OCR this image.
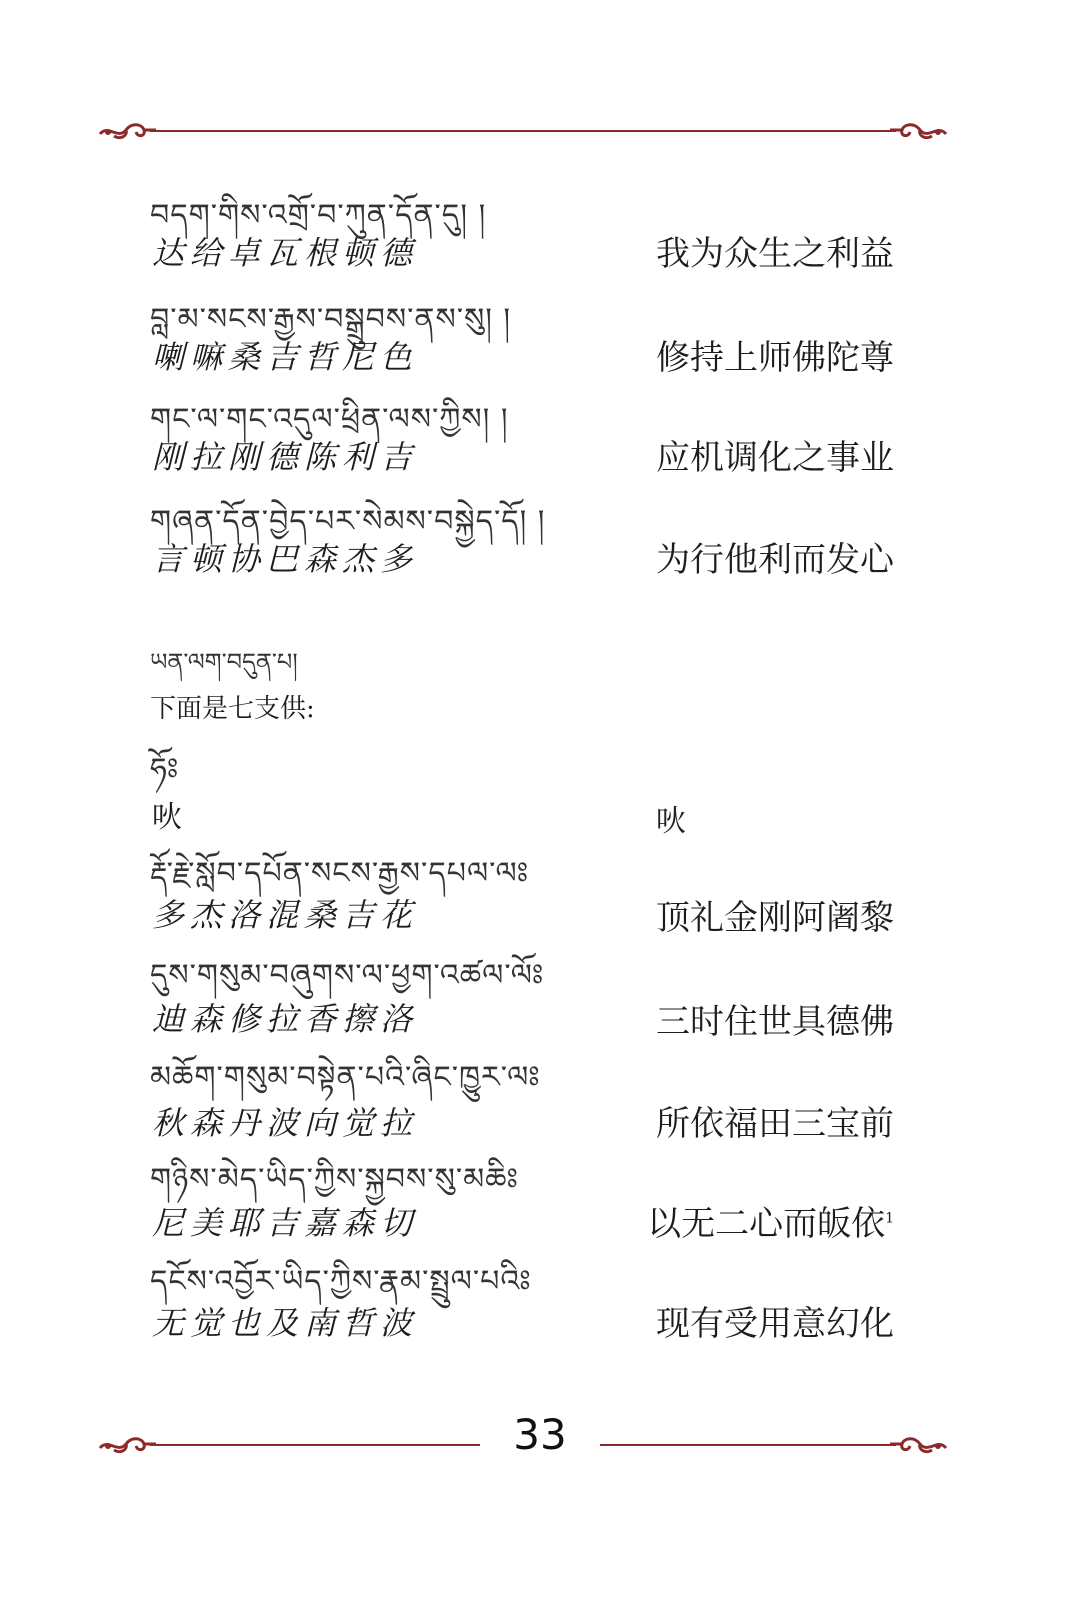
བདག་གིས་འགྲོ་བ་ཀུན་དོན་དུ། །
达给卓瓦根顿德	我为众生之利益
བླ་མ་སངས་རྒྱས་བསྒྲུབས་ནས་སུ། །
喇嘛桑吉哲尼色	修持上师佛陀尊
གང་ལ་གང་འདུལ་ཕྲིན་ལས་ཀྱིས། །
刚拉刚德陈利吉	应机调化之事业
གཞན་དོན་བྱེད་པར་སེམས་བསྐྱེད་དོ། །
言顿协巴森杰多	为行他利而发心
ཡན་ལག་བདུན་པ།
下面是七支供:
ཧོཿ
吙	吙
རྡོ་རྗེ་སློབ་དཔོན་སངས་རྒྱས་དཔལ་ལཿ
多杰洛混桑吉花	顶礼金刚阿阇黎
དུས་གསུམ་བཞུགས་ལ་ཕྱག་འཚལ་ལོཿ
迪森修拉香擦洛	三时住世具德佛
མཆོག་གསུམ་བསྟེན་པའི་ཞིང་ཁྱུར་ལཿ
秋森丹波向觉拉	所依福田三宝前
གཉིས་མེད་ཡིད་ཀྱིས་སྐྱབས་སུ་མཆིཿ
尼美耶吉嘉森切	以无二心而皈依$^1$
དངོས་འབྱོར་ཡིད་ཀྱིས་རྣམ་སྤྲུལ་པའིཿ
无觉也及南哲波	现有受用意幻化
33
